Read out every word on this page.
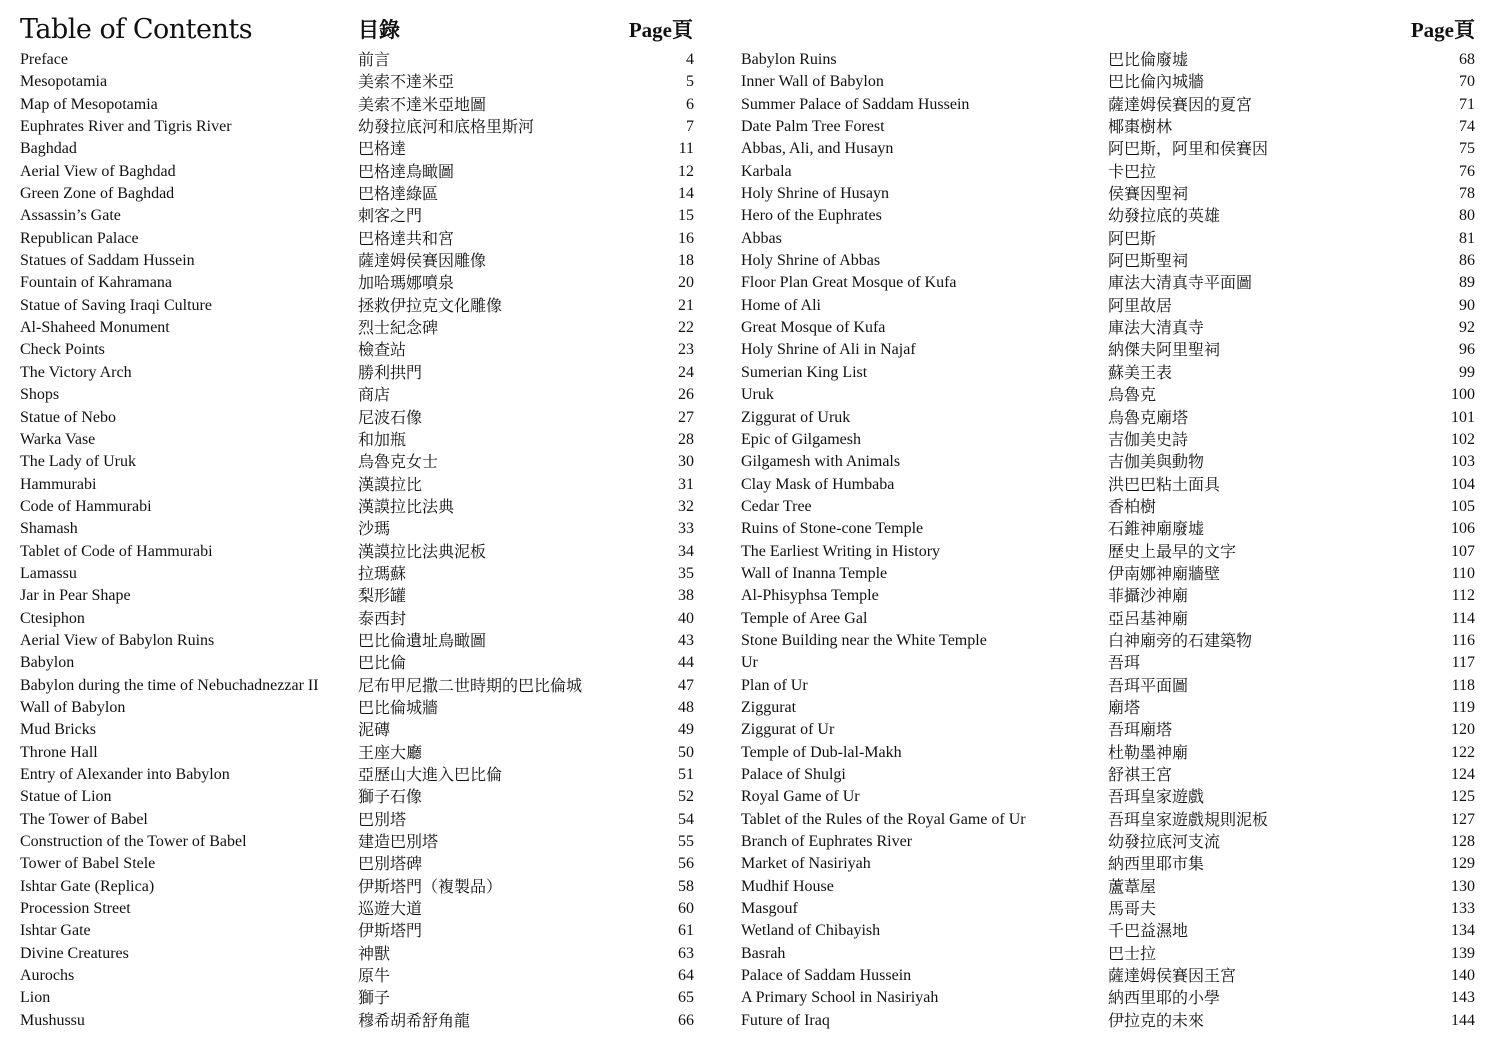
Table of Contents	目錄	Page頁	Page頁
Preface	前言	4
Mesopotamia	美索不達米亞	5
Map of Mesopotamia	美索不達米亞地圖	6
Euphrates River and Tigris River	幼發拉底河和底格里斯河	7
Baghdad	巴格達	11
Aerial View of Baghdad	巴格達鳥瞰圖	12
Green Zone of Baghdad	巴格達綠區	14
Assassin’s Gate	刺客之門	15
Republican Palace	巴格達共和宮	16
Statues of Saddam Hussein	薩達姆侯賽因雕像	18
Fountain of Kahramana	加哈瑪娜噴泉	20
Statue of Saving Iraqi Culture	拯救伊拉克文化雕像	21
Al-Shaheed Monument	烈士紀念碑	22
Check Points	檢查站	23
The Victory Arch	勝利拱門	24
Shops	商店	26
Statue of Nebo	尼波石像	27
Warka Vase	和加瓶	28
The Lady of Uruk	烏魯克女士	30
Hammurabi	漢謨拉比	31
Code of Hammurabi	漢謨拉比法典	32
Shamash	沙瑪	33
Tablet of Code of Hammurabi	漢謨拉比法典泥板	34
Lamassu	拉瑪蘇	35
Jar in Pear Shape	梨形罐	38
Ctesiphon	泰西封	40
Aerial View of Babylon Ruins	巴比倫遺址鳥瞰圖	43
Babylon	巴比倫	44
Babylon during the time of Nebuchadnezzar II 尼布甲尼撒二世時期的巴比倫城	47
Wall of Babylon	巴比倫城牆	48
Mud Bricks	泥磚	49
Throne Hall	王座大廳	50
Entry of Alexander into Babylon	亞歷山大進入巴比倫	51
Statue of Lion	獅子石像	52
The Tower of Babel	巴別塔	54
Construction of the Tower of Babel	建造巴別塔	55
Tower of Babel Stele	巴別塔碑	56
Ishtar Gate (Replica)	伊斯塔門（複製品）	58
Procession Street	巡遊大道	60
Ishtar Gate	伊斯塔門	61
Divine Creatures	神獸	63
Aurochs	原牛	64
Lion	獅子	65
Mushussu	穆希胡希舒角龍	66
Babylon Ruins	巴比倫廢墟	68
Inner Wall of Babylon	巴比倫內城牆	70
Summer Palace of Saddam Hussein	薩達姆侯賽因的夏宮	71
Date Palm Tree Forest	椰棗樹林	74
Abbas, Ali, and Husayn	阿巴斯，阿里和侯賽因	75
Karbala	卡巴拉	76
Holy Shrine of Husayn	侯賽因聖祠	78
Hero of the Euphrates	幼發拉底的英雄	80
Abbas	阿巴斯	81
Holy Shrine of Abbas	阿巴斯聖祠	86
Floor Plan Great Mosque of Kufa	庫法大清真寺平面圖	89
Home of Ali	阿里故居	90
Great Mosque of Kufa	庫法大清真寺	92
Holy Shrine of Ali in Najaf	納傑夫阿里聖祠	96
Sumerian King List	蘇美王表	99
Uruk	烏魯克	100
Ziggurat of Uruk	烏魯克廟塔	101
Epic of Gilgamesh	吉伽美史詩	102
Gilgamesh with Animals	吉伽美與動物	103
Clay Mask of Humbaba	洪巴巴粘土面具	104
Cedar Tree	香柏樹	105
Ruins of Stone-cone Temple	石錐神廟廢墟	106
The Earliest Writing in History	歷史上最早的文字	107
Wall of Inanna Temple	伊南娜神廟牆壁	110
Al-Phisyphsa Temple	菲攝沙神廟	112
Temple of Aree Gal	亞呂基神廟	114
Stone Building near the White Temple	白神廟旁的石建築物	116
Ur	吾珥	117
Plan of Ur	吾珥平面圖	118
Ziggurat	廟塔	119
Ziggurat of Ur	吾珥廟塔	120
Temple of Dub-lal-Makh	杜勒墨神廟	122
Palace of Shulgi	舒祺王宮	124
Royal Game of Ur	吾珥皇家遊戲	125
Tablet of the Rules of the Royal Game of Ur	吾珥皇家遊戲規則泥板	127
Branch of Euphrates River	幼發拉底河支流	128
Market of Nasiriyah	納西里耶市集	129
Mudhif House	蘆葦屋	130
Masgouf	馬哥夫	133
Wetland of Chibayish	千巴益濕地	134
Basrah	巴士拉	139
Palace of Saddam Hussein	薩達姆侯賽因王宮	140
A Primary School in Nasiriyah	納西里耶的小學	143
Future of Iraq	伊拉克的未來	144
